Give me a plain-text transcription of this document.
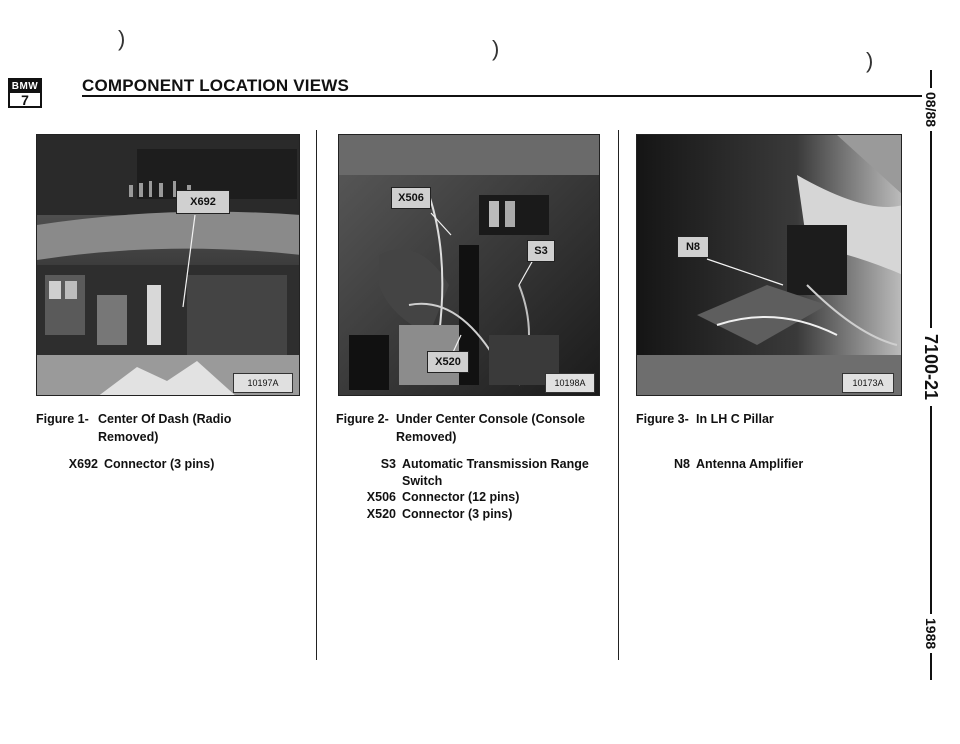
)	)	)
BMW
7
COMPONENT LOCATION VIEWS
08/88
7100-21
1988
X692
10197A
Figure 1- Center Of Dash (Radio
Removed)
X692 Connector (3 pins)
X506
S3
X520
10198A
Figure 2- Under Center Console (Console
Removed)
S3 Automatic Transmission Range
Switch
X506 Connector (12 pins)
X520 Connector (3 pins)
N8
10173A
Figure 3- In LH C Pillar
N8 Antenna Amplifier
